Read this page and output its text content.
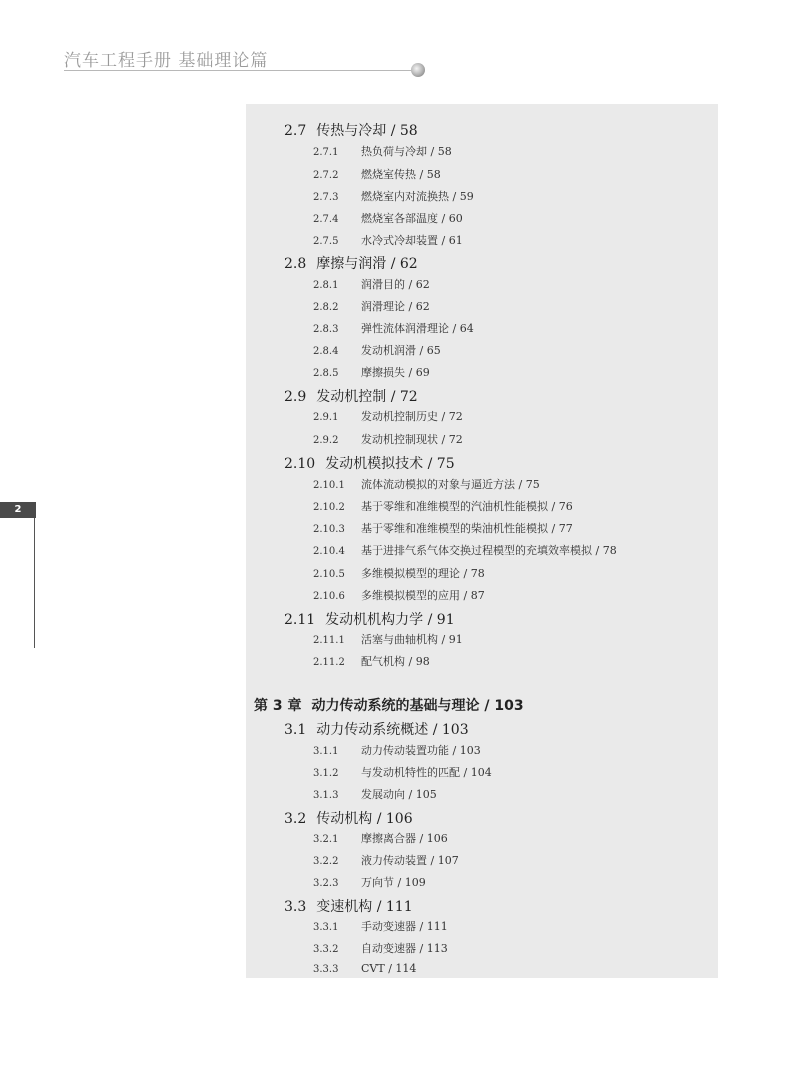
汽车工程手册 基础理论篇
2
2.7 传热与冷却 / 58
2.7.1 热负荷与冷却 / 58
2.7.2 燃烧室传热 / 58
2.7.3 燃烧室内对流换热 / 59
2.7.4 燃烧室各部温度 / 60
2.7.5 水冷式冷却装置 / 61
2.8 摩擦与润滑 / 62
2.8.1 润滑目的 / 62
2.8.2 润滑理论 / 62
2.8.3 弹性流体润滑理论 / 64
2.8.4 发动机润滑 / 65
2.8.5 摩擦损失 / 69
2.9 发动机控制 / 72
2.9.1 发动机控制历史 / 72
2.9.2 发动机控制现状 / 72
2.10 发动机模拟技术 / 75
2.10.1 流体流动模拟的对象与逼近方法 / 75
2.10.2 基于零维和准维模型的汽油机性能模拟 / 76
2.10.3 基于零维和准维模型的柴油机性能模拟 / 77
2.10.4 基于进排气系气体交换过程模型的充填效率模拟 / 78
2.10.5 多维模拟模型的理论 / 78
2.10.6 多维模拟模型的应用 / 87
2.11 发动机机构力学 / 91
2.11.1 活塞与曲轴机构 / 91
2.11.2 配气机构 / 98
第 3 章 动力传动系统的基础与理论 / 103
3.1 动力传动系统概述 / 103
3.1.1 动力传动装置功能 / 103
3.1.2 与发动机特性的匹配 / 104
3.1.3 发展动向 / 105
3.2 传动机构 / 106
3.2.1 摩擦离合器 / 106
3.2.2 液力传动装置 / 107
3.2.3 万向节 / 109
3.3 变速机构 / 111
3.3.1 手动变速器 / 111
3.3.2 自动变速器 / 113
3.3.3 CVT / 114
